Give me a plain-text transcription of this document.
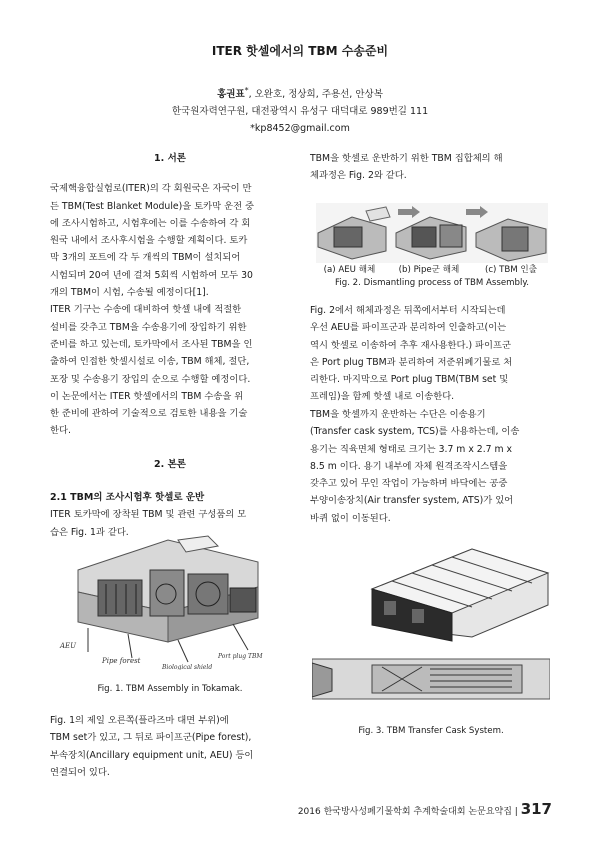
ITER 핫셀에서의 TBM 수송준비
홍권표*, 오완호, 정상희, 주용선, 안상복
한국원자력연구원, 대전광역시 유성구 대덕대로 989번길 111
*kp8452@gmail.com
1. 서론
국제핵융합실험로(ITER)의 각 회원국은 자국이 만
든 TBM(Test Blanket Module)을 토카막 운전 중
에 조사시험하고, 시험후에는 이를 수송하여 각 회
원국 내에서 조사후시험을 수행할 계획이다. 토카
막 3개의 포트에 각 두 개씩의 TBM이 설치되어
시험되며 20여 년에 걸쳐 5회씩 시험하여 모두 30
개의 TBM이 시험, 수송될 예정이다[1].
ITER 기구는 수송에 대비하여 핫셀 내에 적절한
설비를 갖추고 TBM을 수송용기에 장입하기 위한
준비를 하고 있는데, 토카막에서 조사된 TBM을 인
출하여 인접한 핫셀시설로 이송, TBM 해체, 절단,
포장 및 수송용기 장입의 순으로 수행할 예정이다.
이 논문에서는 ITER 핫셀에서의 TBM 수송을 위
한 준비에 관하여 기술적으로 검토한 내용을 기술
한다.
2. 본론
2.1 TBM의 조사시험후 핫셀로 운반
ITER 토카막에 장착된 TBM 및 관련 구성품의 모
습은 Fig. 1과 같다.
AEU
Pipe forest
Biological shield
Port plug TBM
Fig. 1. TBM Assembly in Tokamak.
Fig. 1의 제일 오른쪽(플라즈마 대면 부위)에
TBM set가 있고, 그 뒤로 파이프군(Pipe forest),
부속장치(Ancillary equipment unit, AEU) 등이
연결되어 있다.
TBM을 핫셀로 운반하기 위한 TBM 집합체의 해
체과정은 Fig. 2와 같다.
(a) AEU 해체	(b) Pipe군 해체	(c) TBM 인출
Fig. 2. Dismantling process of TBM Assembly.
Fig. 2에서 해체과정은 뒤쪽에서부터 시작되는데
우선 AEU를 파이프군과 분리하여 인출하고(이는
역시 핫셀로 이송하여 추후 재사용한다.) 파이프군
은 Port plug TBM과 분리하여 저준위폐기물로 처
리한다. 마지막으로 Port plug TBM(TBM set 및
프레임)을 함께 핫셀 내로 이송한다.
TBM을 핫셀까지 운반하는 수단은 이송용기
(Transfer cask system, TCS)를 사용하는데, 이송
용기는 직육면체 형태로 크기는 3.7 m x 2.7 m x
8.5 m 이다. 용기 내부에 자체 원격조작시스템을
갖추고 있어 무인 작업이 가능하며 바닥에는 공중
부양이송장치(Air transfer system, ATS)가 있어
바퀴 없이 이동된다.
Fig. 3. TBM Transfer Cask System.
2016 한국방사성폐기물학회 추계학술대회 논문요약집 | 317
